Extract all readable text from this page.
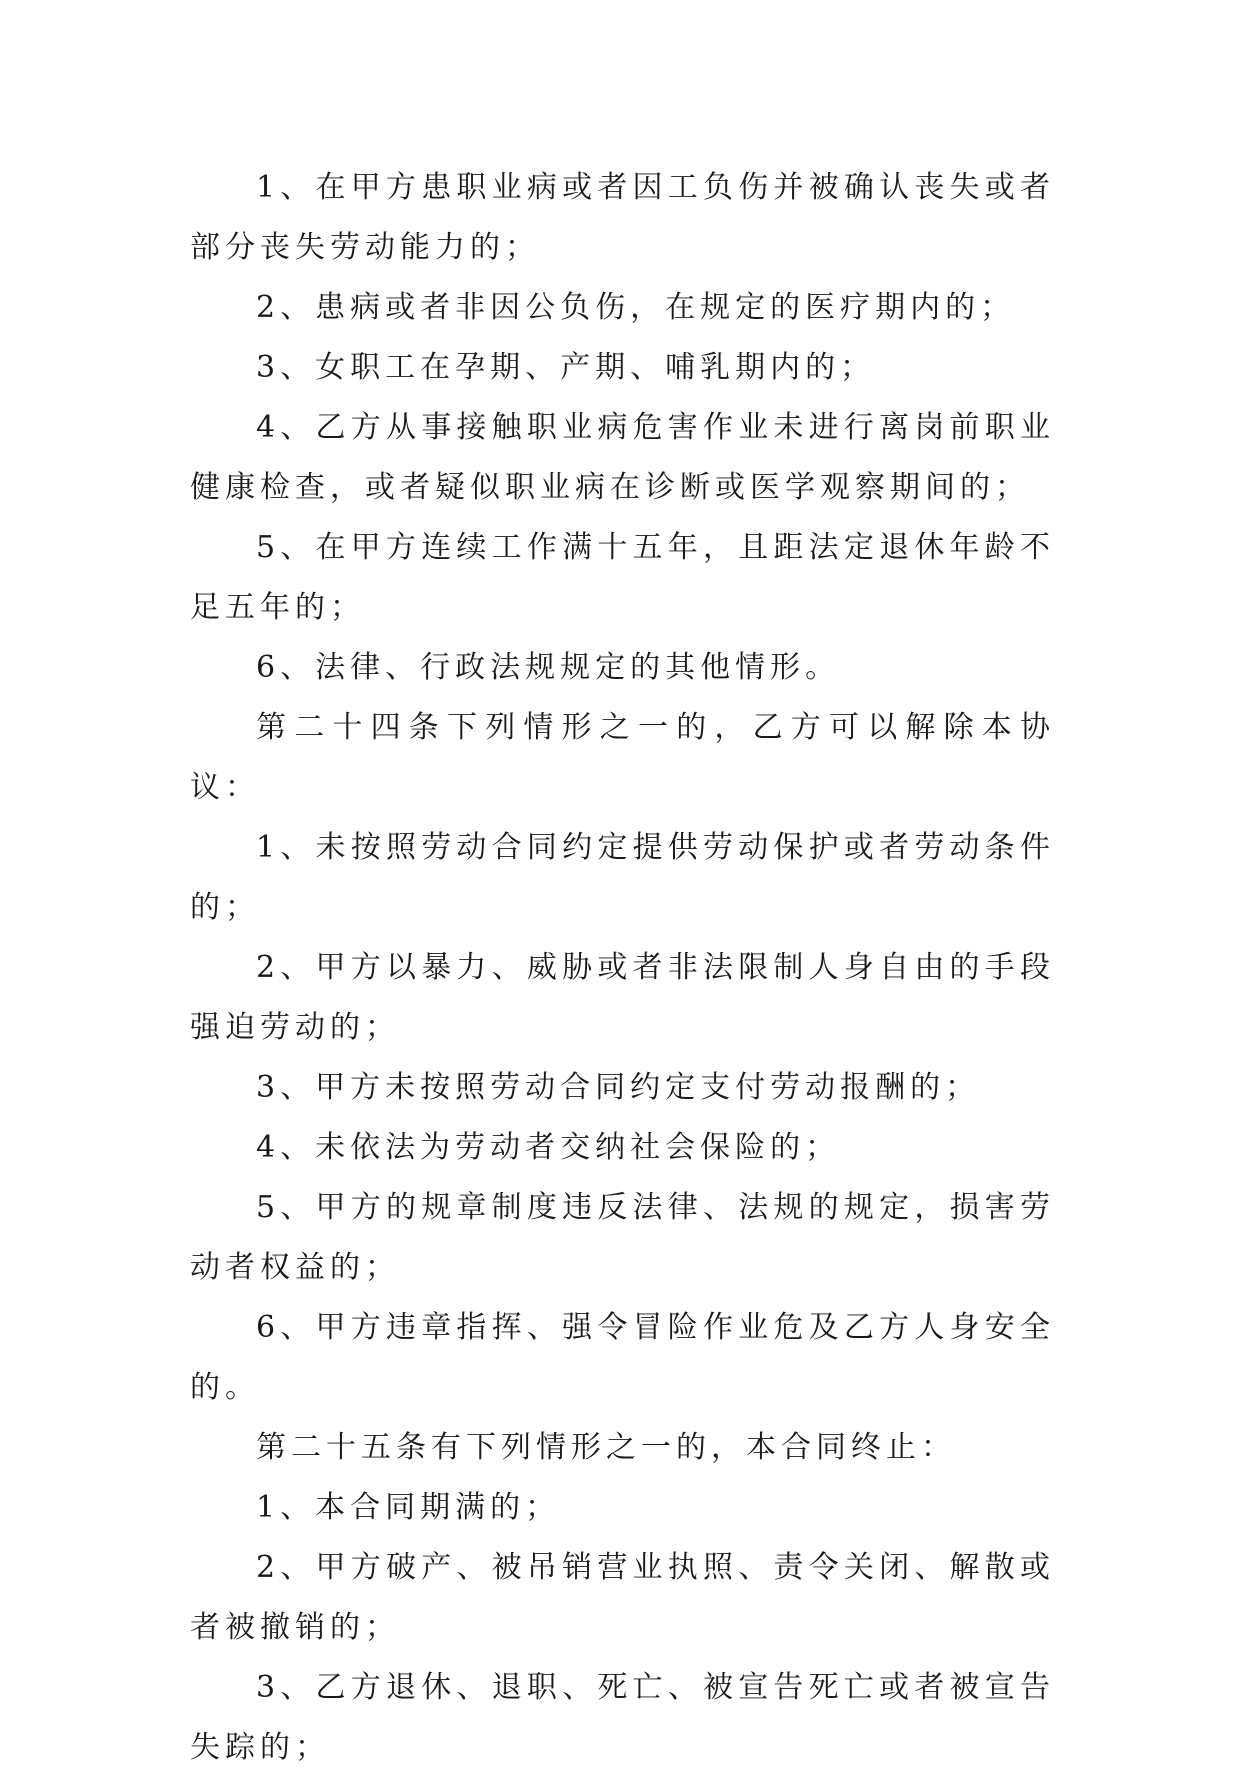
1、在甲方患职业病或者因工负伤并被确认丧失或者部分丧失劳动能力的；

2、患病或者非因公负伤，在规定的医疗期内的；

3、女职工在孕期、产期、哺乳期内的；

4、乙方从事接触职业病危害作业未进行离岗前职业健康检查，或者疑似职业病在诊断或医学观察期间的；

5、在甲方连续工作满十五年，且距法定退休年龄不足五年的；

6、法律、行政法规规定的其他情形。

第二十四条下列情形之一的，乙方可以解除本协议：

1、未按照劳动合同约定提供劳动保护或者劳动条件的；

2、甲方以暴力、威胁或者非法限制人身自由的手段强迫劳动的；

3、甲方未按照劳动合同约定支付劳动报酬的；

4、未依法为劳动者交纳社会保险的；

5、甲方的规章制度违反法律、法规的规定，损害劳动者权益的；

6、甲方违章指挥、强令冒险作业危及乙方人身安全的。

第二十五条有下列情形之一的，本合同终止：

1、本合同期满的；

2、甲方破产、被吊销营业执照、责令关闭、解散或者被撤销的；

3、乙方退休、退职、死亡、被宣告死亡或者被宣告失踪的；
